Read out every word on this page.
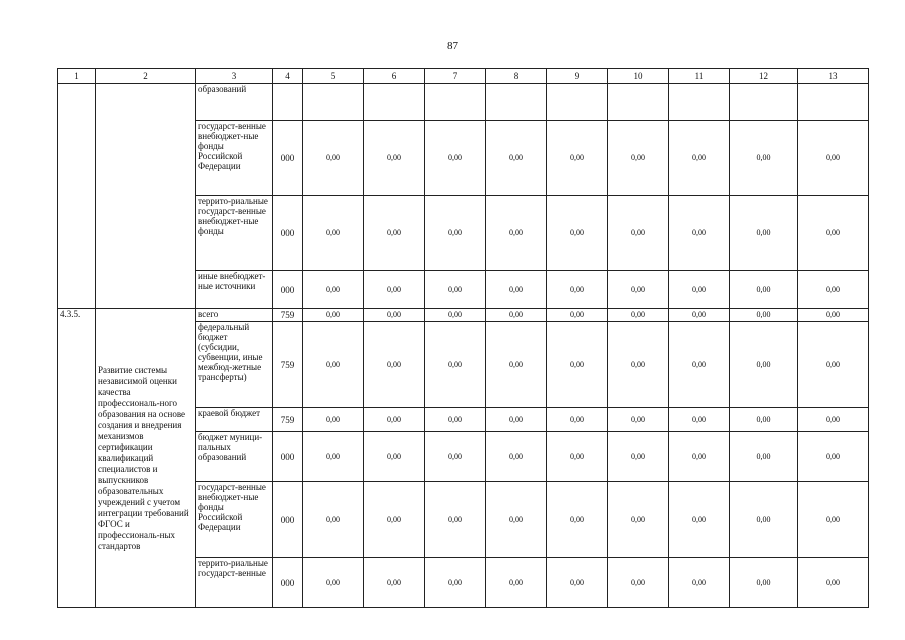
87
1	2	3	4	5	6	7	8	9	10	11	12	13
		образований										
		государст-венные внебюджет-ные фонды Российской Федерации	000	0,00	0,00	0,00	0,00	0,00	0,00	0,00	0,00	0,00
		террито-риальные государст-венные внебюджет-ные фонды	000	0,00	0,00	0,00	0,00	0,00	0,00	0,00	0,00	0,00
		иные внебюджет-ные источники	000	0,00	0,00	0,00	0,00	0,00	0,00	0,00	0,00	0,00
4.3.5.	Развитие системы независимой оценки качества профессиональ-ного образования на основе создания и внедрения механизмов сертификации квалификаций специалистов и выпускников образовательных учреждений с учетом интеграции требований ФГОС и профессиональ-ных стандартов	всего	759	0,00	0,00	0,00	0,00	0,00	0,00	0,00	0,00	0,00
		федеральный бюджет (субсидии, субвенции, иные межбюд-жетные трансферты)	759	0,00	0,00	0,00	0,00	0,00	0,00	0,00	0,00	0,00
		краевой бюджет	759	0,00	0,00	0,00	0,00	0,00	0,00	0,00	0,00	0,00
		бюджет муници-пальных образований	000	0,00	0,00	0,00	0,00	0,00	0,00	0,00	0,00	0,00
		государст-венные внебюджет-ные фонды Российской Федерации	000	0,00	0,00	0,00	0,00	0,00	0,00	0,00	0,00	0,00
		террито-риальные государст-венные	000	0,00	0,00	0,00	0,00	0,00	0,00	0,00	0,00	0,00
